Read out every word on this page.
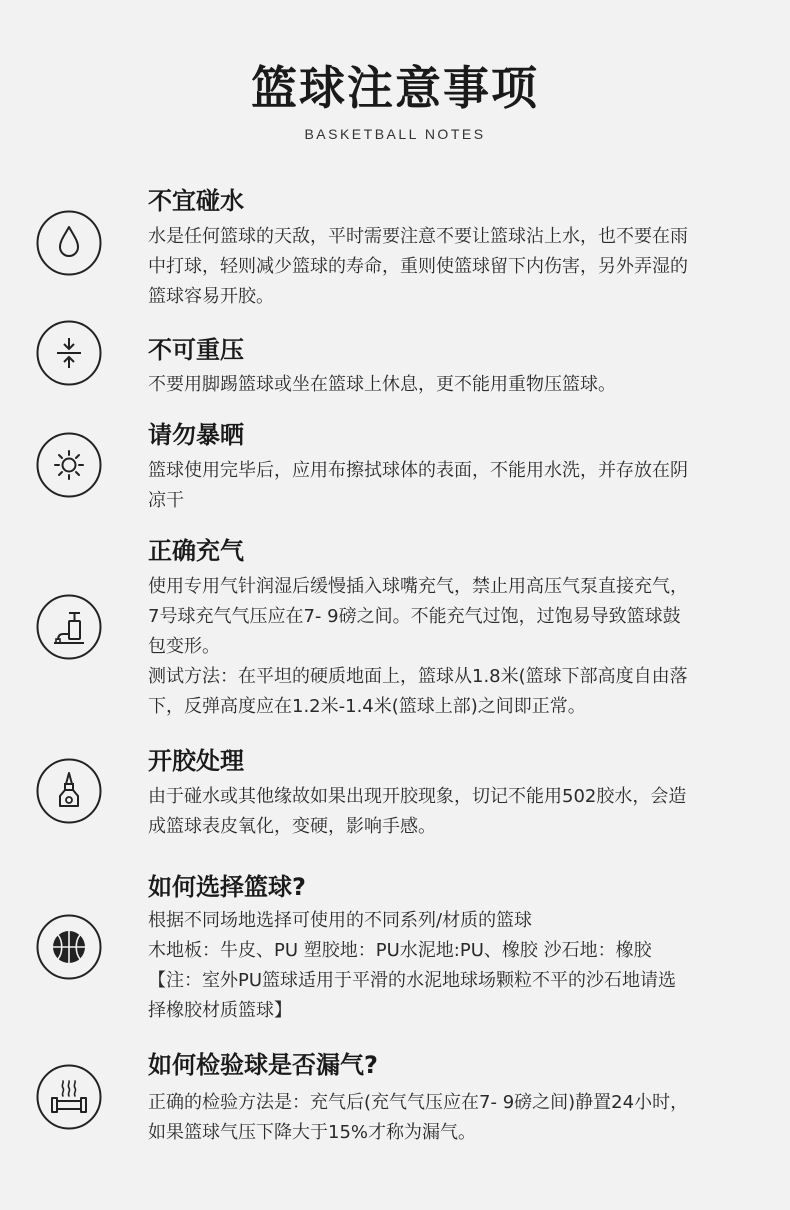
篮球注意事项
BASKETBALL NOTES
不宜碰水

水是任何篮球的天敌，平时需要注意不要让篮球沾上水，也不要在雨

中打球，轻则减少篮球的寿命，重则使篮球留下内伤害，另外弄湿的

篮球容易开胶。

不可重压

不要用脚踢篮球或坐在篮球上休息，更不能用重物压篮球。

请勿暴晒

篮球使用完毕后，应用布擦拭球体的表面，不能用水洗，并存放在阴

凉干

正确充气

使用专用气针润湿后缓慢插入球嘴充气，禁止用高压气泵直接充气，

7号球充气气压应在7- 9磅之间。不能充气过饱，过饱易导致篮球鼓

包变形。

测试方法：在平坦的硬质地面上，篮球从1.8米(篮球下部高度自由落

下，反弹高度应在1.2米-1.4米(篮球上部)之间即正常。

开胶处理

由于碰水或其他缘故如果出现开胶现象，切记不能用502胶水，会造

成篮球表皮氧化，变硬，影响手感。

如何选择篮球?

根据不同场地选择可使用的不同系列/材质的篮球

木地板：牛皮、PU 塑胶地：PU水泥地:PU、橡胶 沙石地：橡胶

【注：室外PU篮球适用于平滑的水泥地球场颗粒不平的沙石地请选

择橡胶材质篮球】

如何检验球是否漏气?

正确的检验方法是：充气后(充气气压应在7- 9磅之间)静置24小时，

如果篮球气压下降大于15%才称为漏气。
